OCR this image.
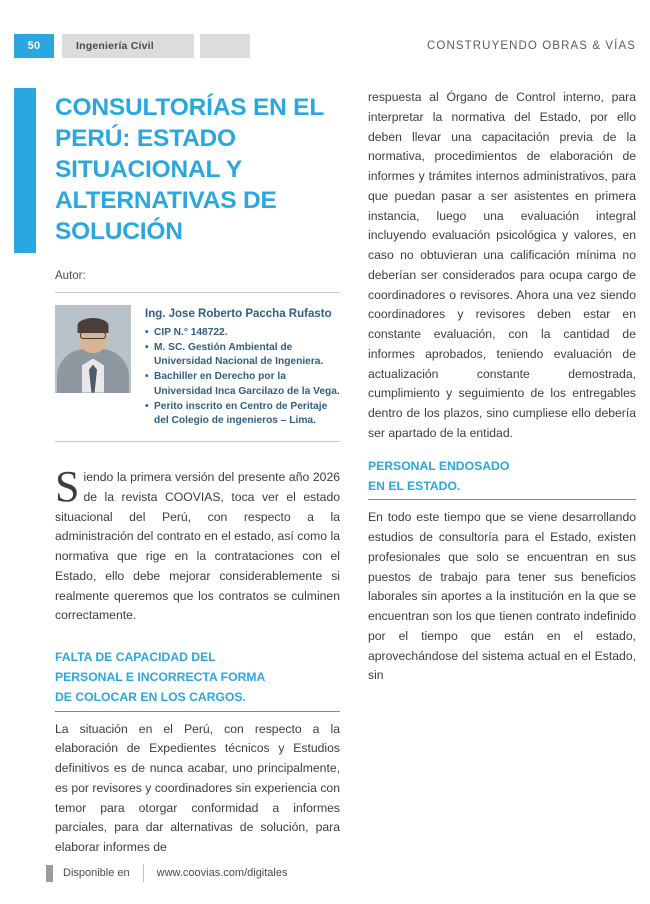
50	Ingeniería Civil	CONSTRUYENDO OBRAS & VÍAS
CONSULTORÍAS EN EL PERÚ: ESTADO SITUACIONAL Y ALTERNATIVAS DE SOLUCIÓN
Autor:
Ing. Jose Roberto Paccha Rufasto
• CIP N.° 148722.
• M. SC. Gestión Ambiental de Universidad Nacional de Ingeniera.
• Bachiller en Derecho por la Universidad Inca Garcilazo de la Vega.
• Perito inscrito en Centro de Peritaje del Colegio de ingenieros – Lima.

Siendo la primera versión del presente año 2026 de la revista COOVIAS, toca ver el estado situacional del Perú, con respecto a la administración del contrato en el estado, así como la normativa que rige en la contrataciones con el Estado, ello debe mejorar considerablemente si realmente queremos que los contratos se culminen correctamente.

FALTA DE CAPACIDAD DEL
PERSONAL E INCORRECTA FORMA
DE COLOCAR EN LOS CARGOS.

La situación en el Perú, con respecto a la elaboración de Expedientes técnicos y Estudios definitivos es de nunca acabar, uno principalmente, es por revisores y coordinadores sin experiencia con temor para otorgar conformidad a informes parciales, para dar alternativas de solución, para elaborar informes de

respuesta al Órgano de Control interno, para interpretar la normativa del Estado, por ello deben llevar una capacitación previa de la normativa, procedimientos de elaboración de informes y trámites internos administrativos, para que puedan pasar a ser asistentes en primera instancia, luego una evaluación integral incluyendo evaluación psicológica y valores, en caso no obtuvieran una calificación mínima no deberían ser considerados para ocupa cargo de coordinadores o revisores. Ahora una vez siendo coordinadores y revisores deben estar en constante evaluación, con la cantidad de informes aprobados, teniendo evaluación de actualización constante demostrada, cumplimiento y seguimiento de los entregables dentro de los plazos, sino cumpliese ello debería ser apartado de la entidad.

PERSONAL ENDOSADO
EN EL ESTADO.

En todo este tiempo que se viene desarrollando estudios de consultoría para el Estado, existen profesionales que solo se encuentran en sus puestos de trabajo para tener sus beneficios laborales sin aportes a la institución en la que se encuentran son los que tienen contrato indefinido por el tiempo que están en el estado, aprovechándose del sistema actual en el Estado, sin

Disponible en www.coovias.com/digitales
